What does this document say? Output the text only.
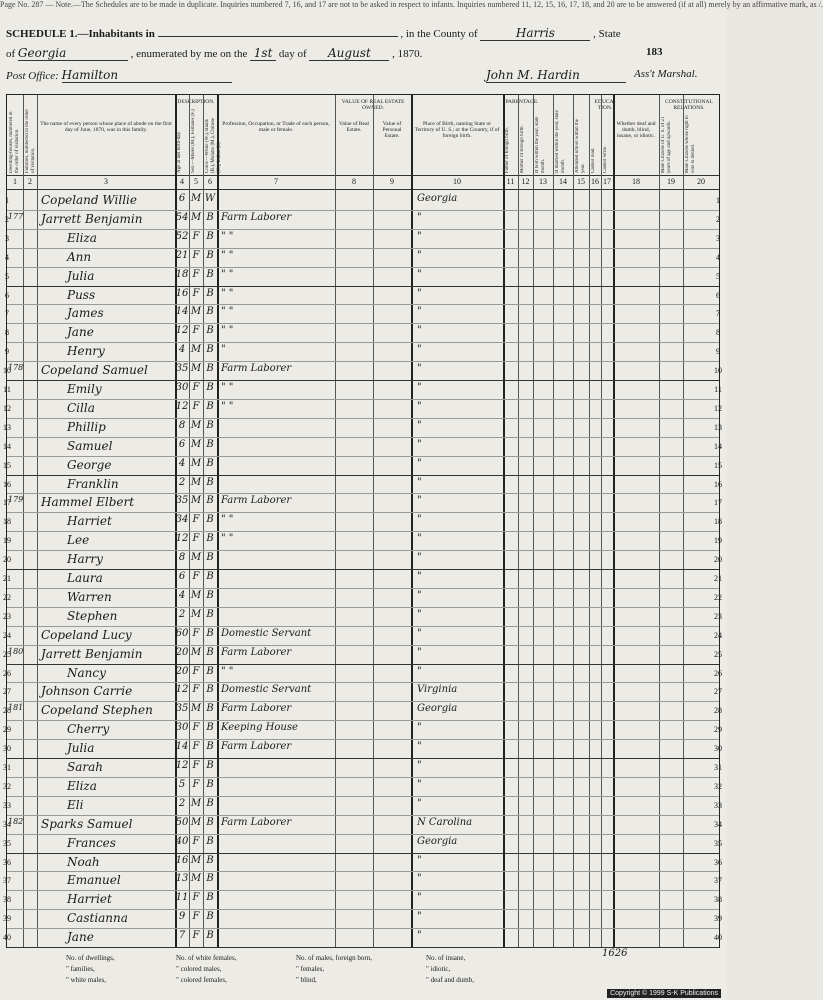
Page No. 287 — Note.—The Schedules are to be made in duplicate. Inquiries numbered 7, 16, and 17 are not to be asked in respect to infants. Inquiries numbered 11, 12, 15, 16, 17, 18, and 20 are to be answered (if at all) merely by an affirmative mark, as /.
SCHEDULE 1.—Inhabitants in	, in the County of	Harris	, State
of Georgia	, enumerated by me on the 1st day of August , 1870.	183
Post Office: Hamilton	John M. Hardin	Ass't Marshal.
DESCRIPTION.	VALUE OF REAL ESTATE OWNED.
PARENTAGE.	EDUCA-TION.
CONSTITUTIONAL RELATIONS.
Dwelling-houses, numbered in the order of visitation.
1
Families, numbered in the order of visitation.
2
The name of every person whose place of abode on the first day of June, 1870, was in this family.
3
Age at last birth-day.
4
Sex.—Males (M.), Females (F.)
5
Color.—White (W.), Black (B.), Mulatto (M.), Chinese (C.), Indian (I.)
6
Profession, Occupation, or Trade of each person, male or female.
7
Value of Real Estate.
8
Value of Personal Estate.
9
Place of Birth, naming State or Territory of U. S.; or the Country, if of foreign birth.
10
Father of foreign birth.
11
Mother of foreign birth.
12
If born within the year, state month.
13
If married within the year, state month.
14
Attended school within the year.
15
Cannot read.
16
Cannot write.
17
Whether deaf and dumb, blind, insane, or idiotic.
18
Male Citizens of U. S. of 21 years of age and upwards.
19
Male Citizens whose right to vote is denied.
20
Copeland Willie	6 M W	Georgia
1	1
177 Jarrett Benjamin	54 M B Farm Laborer	"
2	2
Eliza	52 F B " "	"
3	3
Ann	21 F B " "	"
4	4
Julia	18 F B " "	"
5	5
Puss	16 F B " "	"
6	6
James	14 M B " "	"
7	7
Jane	12 F B " "	"
8	8
Henry	4 M B "	"
9	9
178 Copeland Samuel	35 M B Farm Laborer	"
10	10
Emily	30 F B " "	"
11	11
Cilla	12 F B " "	"
12	12
Phillip	8 M B	"
13	13
Samuel	6 M B	"
14	14
George	4 M B	"
15	15
Franklin	2 M B	"
16	16
179 Hammel Elbert	35 M B Farm Laborer	"
17	17
Harriet	34 F B " "	"
18	18
Lee	12 F B " "	"
19	19
Harry	8 M B	"
20	20
Laura	6 F B	"
21	21
Warren	4 M B	"
22	22
Stephen	2 M B	"
23	23
Copeland Lucy	60 F B Domestic Servant	"
24	24
180 Jarrett Benjamin	20 M B Farm Laborer	"
25	25
Nancy	20 F B " "	"
26	26
Johnson Carrie	12 F B Domestic Servant	Virginia
27	27
181 Copeland Stephen	35 M B Farm Laborer	Georgia
28	28
Cherry	30 F B Keeping House	"
29	29
Julia	14 F B Farm Laborer	"
30	30
Sarah	12 F B	"
31	31
Eliza	5 F B	"
32	32
Eli	2 M B	"
33	33
182 Sparks Samuel	50 M B Farm Laborer	N Carolina
34	34
Frances	40 F B	Georgia
35	35
Noah	16 M B	"
36	36
Emanuel	13 M B	"
37	37
Harriet	11 F B	"
38	38
Castianna	9 F B	"
39	39
Jane	7 F B	"
40	40
No. of dwellings,
" families,
" white males,
No. of white females,
" colored males,
" colored females,
No. of males, foreign born,
" females,
" blind,
No. of insane,
" idiotic,
" deaf and dumb,
1626
Copyright © 1999 S-K Publications
